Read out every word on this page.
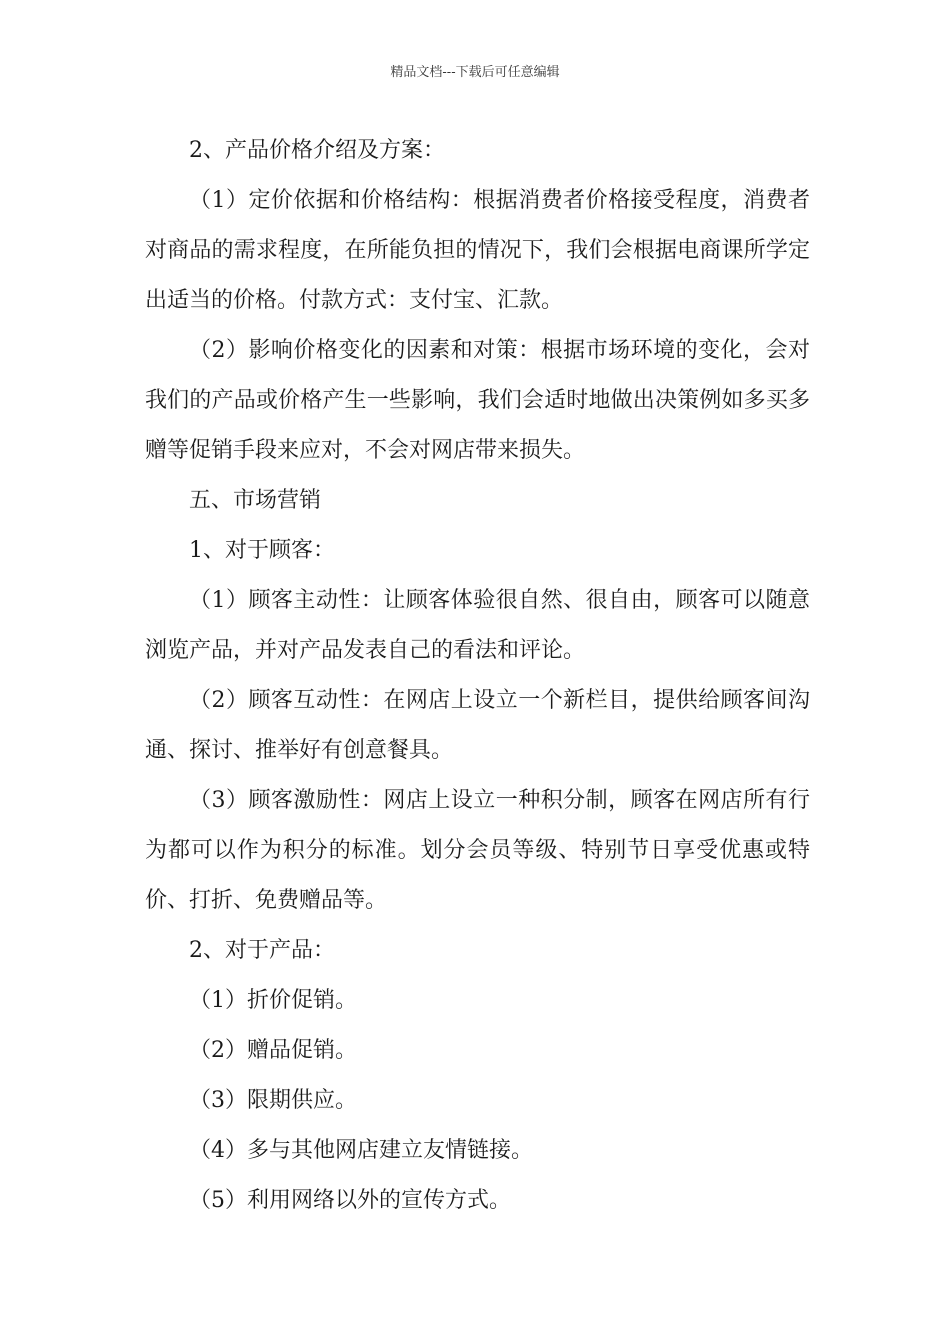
精品文档---下载后可任意编辑

2、产品价格介绍及方案：

（1）定价依据和价格结构：根据消费者价格接受程度，消费者对商品的需求程度，在所能负担的情况下，我们会根据电商课所学定出适当的价格。付款方式：支付宝、汇款。

（2）影响价格变化的因素和对策：根据市场环境的变化，会对我们的产品或价格产生一些影响，我们会适时地做出决策例如多买多赠等促销手段来应对，不会对网店带来损失。

五、市场营销

1、对于顾客：

（1）顾客主动性：让顾客体验很自然、很自由，顾客可以随意浏览产品，并对产品发表自己的看法和评论。

（2）顾客互动性：在网店上设立一个新栏目，提供给顾客间沟通、探讨、推举好有创意餐具。

（3）顾客激励性：网店上设立一种积分制，顾客在网店所有行为都可以作为积分的标准。划分会员等级、特别节日享受优惠或特价、打折、免费赠品等。

2、对于产品：

（1）折价促销。

（2）赠品促销。

（3）限期供应。

（4）多与其他网店建立友情链接。

（5）利用网络以外的宣传方式。
